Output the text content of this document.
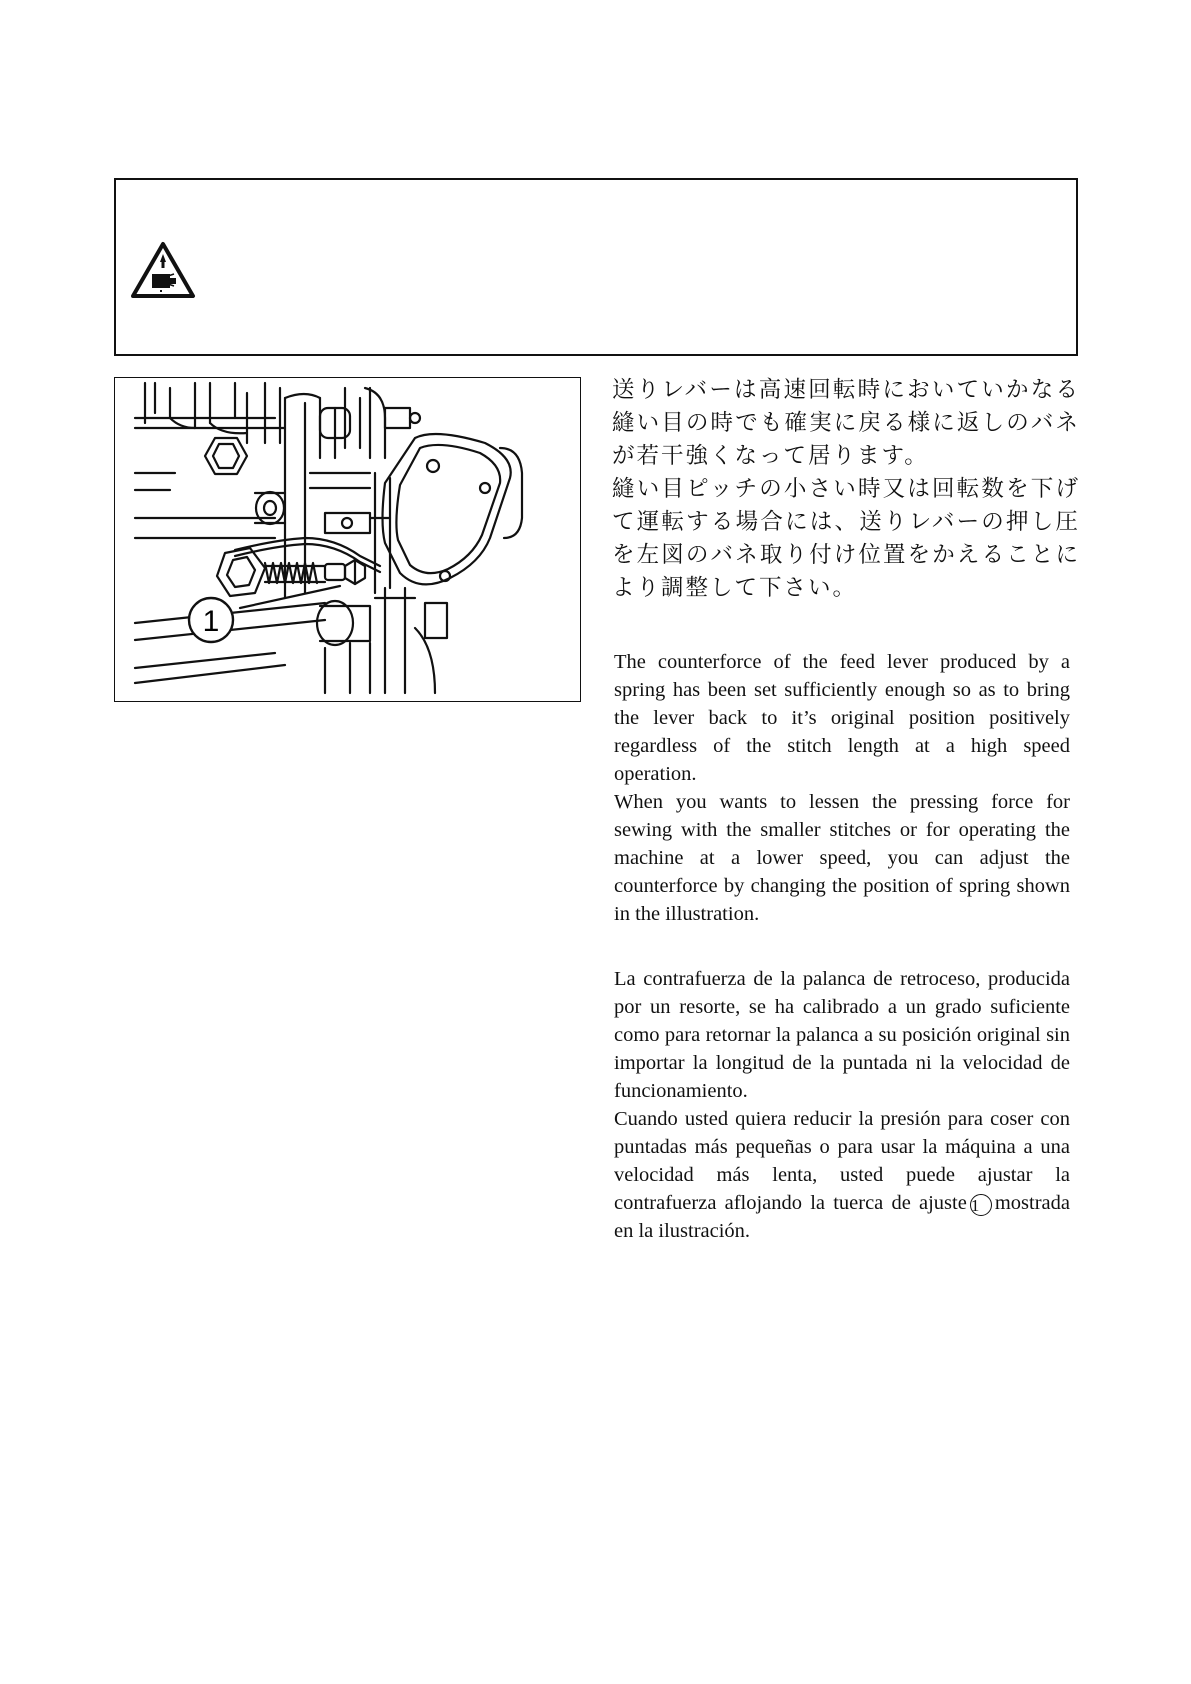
1

送りレバーは高速回転時においていかなる縫い目の時でも確実に戻る様に返しのバネが若干強くなって居ります。

縫い目ピッチの小さい時又は回転数を下げて運転する場合には、送りレバーの押し圧を左図のバネ取り付け位置をかえることにより調整して下さい。

The counterforce of the feed lever produced by a spring has been set sufficiently enough so as to bring the lever back to it’s original position positively regardless of the stitch length at a high speed operation.

When you wants to lessen the pressing force for sewing with the smaller stitches or for operating the machine at a lower speed, you can adjust the counterforce by changing the position of spring shown in the illustration.

La contrafuerza de la palanca de retroceso, producida por un resorte, se ha calibrado a un grado suficiente como para retornar la palanca a su posición original sin importar la longitud de la puntada ni la velocidad de funcionamiento.

Cuando usted quiera reducir la presión para coser con puntadas más pequeñas o para usar la máquina a una velocidad más lenta, usted puede ajustar la contrafuerza aflojando la tuerca de ajuste 1 mostrada en la ilustración.
